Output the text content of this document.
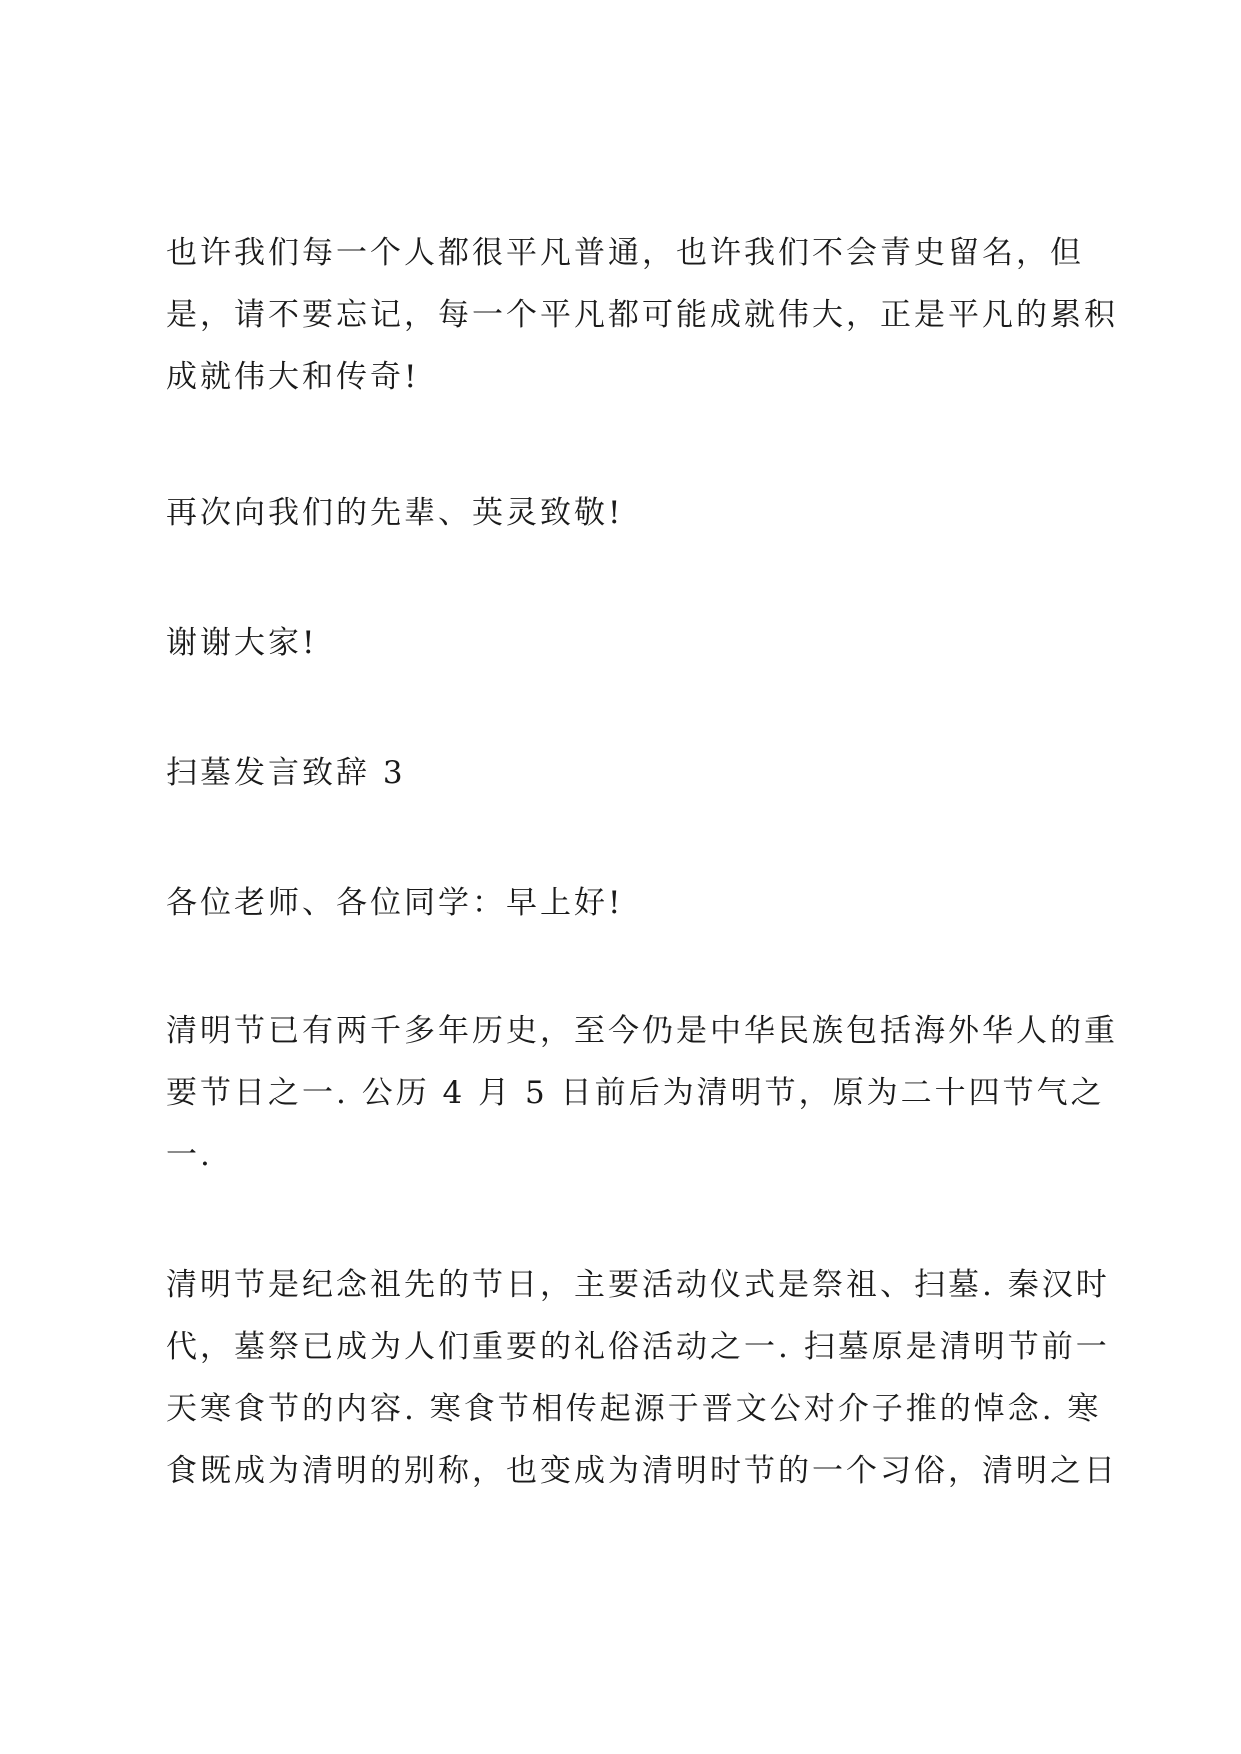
也许我们每一个人都很平凡普通，也许我们不会青史留名，但
是，请不要忘记，每一个平凡都可能成就伟大，正是平凡的累积
成就伟大和传奇!

再次向我们的先辈、英灵致敬!

谢谢大家!

扫墓发言致辞 3

各位老师、各位同学：早上好!

清明节已有两千多年历史，至今仍是中华民族包括海外华人的重
要节日之一. 公历 4 月 5 日前后为清明节，原为二十四节气之
一.

清明节是纪念祖先的节日，主要活动仪式是祭祖、扫墓. 秦汉时
代，墓祭已成为人们重要的礼俗活动之一. 扫墓原是清明节前一
天寒食节的内容. 寒食节相传起源于晋文公对介子推的悼念. 寒
食既成为清明的别称，也变成为清明时节的一个习俗，清明之日
